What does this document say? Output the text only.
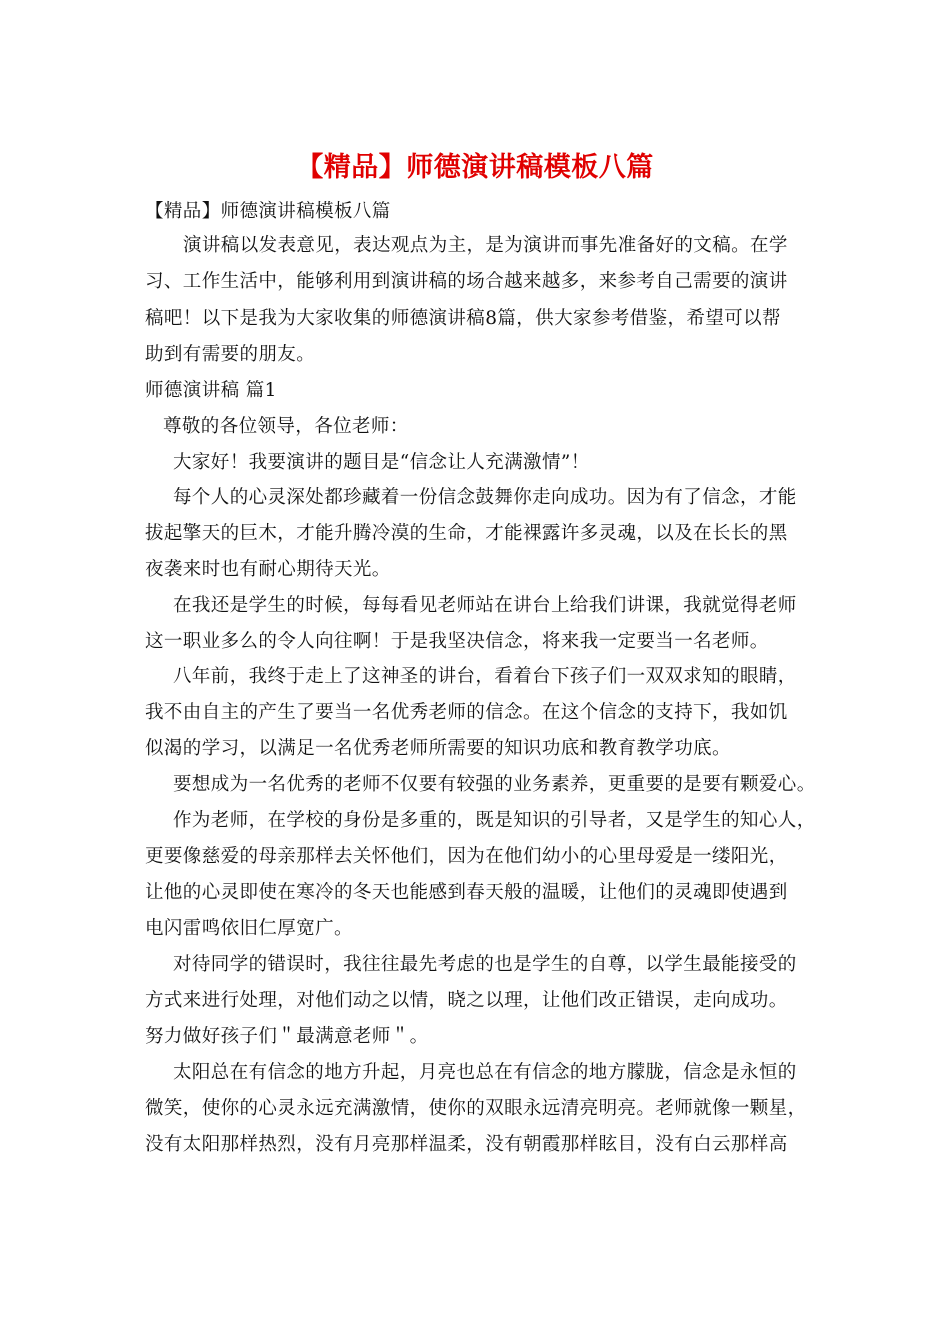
【精品】师德演讲稿模板八篇
【精品】师德演讲稿模板八篇
演讲稿以发表意见，表达观点为主，是为演讲而事先准备好的文稿。在学
习、工作生活中，能够利用到演讲稿的场合越来越多，来参考自己需要的演讲
稿吧！以下是我为大家收集的师德演讲稿8篇，供大家参考借鉴，希望可以帮
助到有需要的朋友。
师德演讲稿 篇1
尊敬的各位领导，各位老师：
大家好！我要演讲的题目是“信念让人充满激情”！
每个人的心灵深处都珍藏着一份信念鼓舞你走向成功。因为有了信念，才能
拔起擎天的巨木，才能升腾冷漠的生命，才能裸露许多灵魂，以及在长长的黑
夜袭来时也有耐心期待天光。
在我还是学生的时候，每每看见老师站在讲台上给我们讲课，我就觉得老师
这一职业多么的令人向往啊！于是我坚决信念，将来我一定要当一名老师。
八年前，我终于走上了这神圣的讲台，看着台下孩子们一双双求知的眼睛，
我不由自主的产生了要当一名优秀老师的信念。在这个信念的支持下，我如饥
似渴的学习，以满足一名优秀老师所需要的知识功底和教育教学功底。
要想成为一名优秀的老师不仅要有较强的业务素养，更重要的是要有颗爱心。
作为老师，在学校的身份是多重的，既是知识的引导者，又是学生的知心人，
更要像慈爱的母亲那样去关怀他们，因为在他们幼小的心里母爱是一缕阳光，
让他的心灵即使在寒冷的冬天也能感到春天般的温暖，让他们的灵魂即使遇到
电闪雷鸣依旧仁厚宽广。
对待同学的错误时，我往往最先考虑的也是学生的自尊，以学生最能接受的
方式来进行处理，对他们动之以情，晓之以理，让他们改正错误，走向成功。
努力做好孩子们＂最满意老师＂。
太阳总在有信念的地方升起，月亮也总在有信念的地方朦胧，信念是永恒的
微笑，使你的心灵永远充满激情，使你的双眼永远清亮明亮。老师就像一颗星，
没有太阳那样热烈，没有月亮那样温柔，没有朝霞那样眩目，没有白云那样高
